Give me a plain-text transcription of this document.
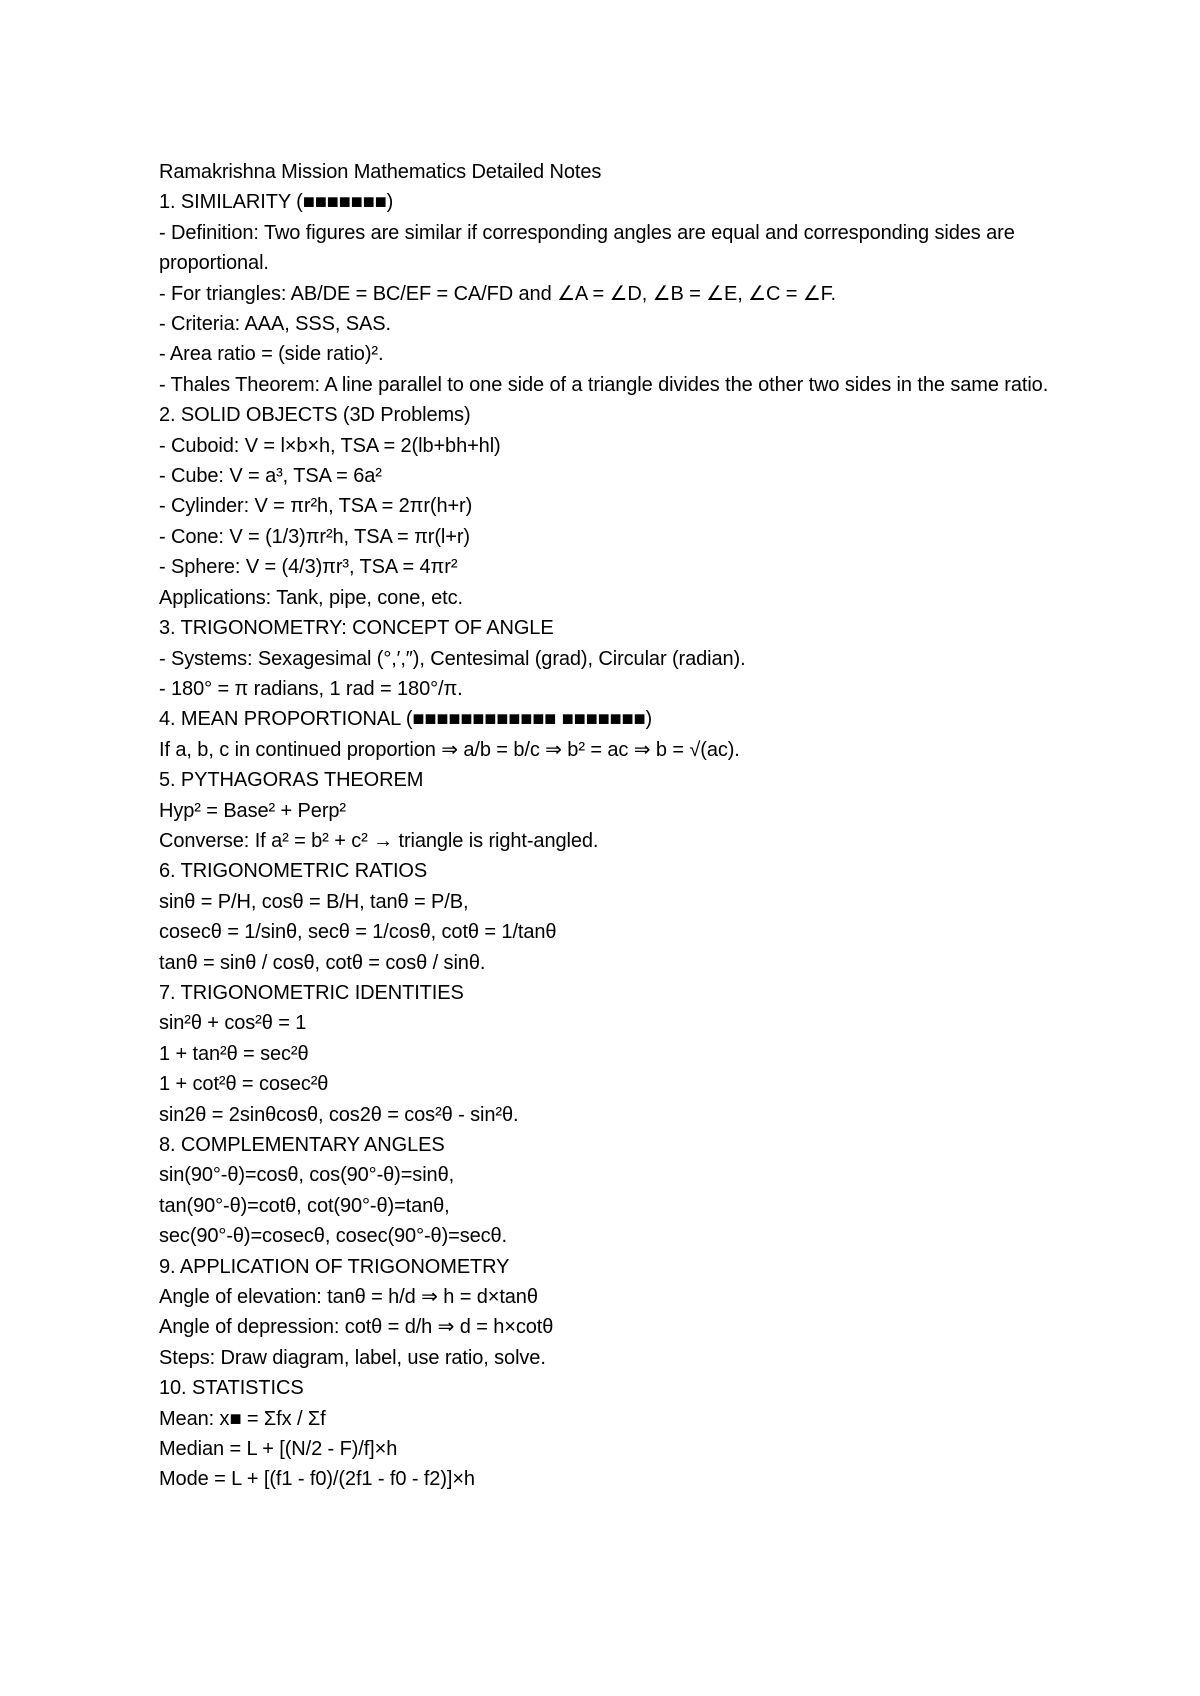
Ramakrishna Mission Mathematics Detailed Notes
1. SIMILARITY (■■■■■■■)
- Definition: Two figures are similar if corresponding angles are equal and corresponding sides are proportional.
- For triangles: AB/DE = BC/EF = CA/FD and ∠A = ∠D, ∠B = ∠E, ∠C = ∠F.
- Criteria: AAA, SSS, SAS.
- Area ratio = (side ratio)².
- Thales Theorem: A line parallel to one side of a triangle divides the other two sides in the same ratio.
2. SOLID OBJECTS (3D Problems)
- Cuboid: V = l×b×h, TSA = 2(lb+bh+hl)
- Cube: V = a³, TSA = 6a²
- Cylinder: V = πr²h, TSA = 2πr(h+r)
- Cone: V = (1/3)πr²h, TSA = πr(l+r)
- Sphere: V = (4/3)πr³, TSA = 4πr²
Applications: Tank, pipe, cone, etc.
3. TRIGONOMETRY: CONCEPT OF ANGLE
- Systems: Sexagesimal (°,′,″), Centesimal (grad), Circular (radian).
- 180° = π radians, 1 rad = 180°/π.
4. MEAN PROPORTIONAL (■■■■■■■■■■■■ ■■■■■■■)
If a, b, c in continued proportion ⇒ a/b = b/c ⇒ b² = ac ⇒ b = √(ac).
5. PYTHAGORAS THEOREM
Hyp² = Base² + Perp²
Converse: If a² = b² + c² → triangle is right-angled.
6. TRIGONOMETRIC RATIOS
sinθ = P/H, cosθ = B/H, tanθ = P/B,
cosecθ = 1/sinθ, secθ = 1/cosθ, cotθ = 1/tanθ
tanθ = sinθ / cosθ, cotθ = cosθ / sinθ.
7. TRIGONOMETRIC IDENTITIES
sin²θ + cos²θ = 1
1 + tan²θ = sec²θ
1 + cot²θ = cosec²θ
sin2θ = 2sinθcosθ, cos2θ = cos²θ - sin²θ.
8. COMPLEMENTARY ANGLES
sin(90°-θ)=cosθ, cos(90°-θ)=sinθ,
tan(90°-θ)=cotθ, cot(90°-θ)=tanθ,
sec(90°-θ)=cosecθ, cosec(90°-θ)=secθ.
9. APPLICATION OF TRIGONOMETRY
Angle of elevation: tanθ = h/d ⇒ h = d×tanθ
Angle of depression: cotθ = d/h ⇒ d = h×cotθ
Steps: Draw diagram, label, use ratio, solve.
10. STATISTICS
Mean: x■ = Σfx / Σf
Median = L + [(N/2 - F)/f]×h
Mode = L + [(f1 - f0)/(2f1 - f0 - f2)]×h
